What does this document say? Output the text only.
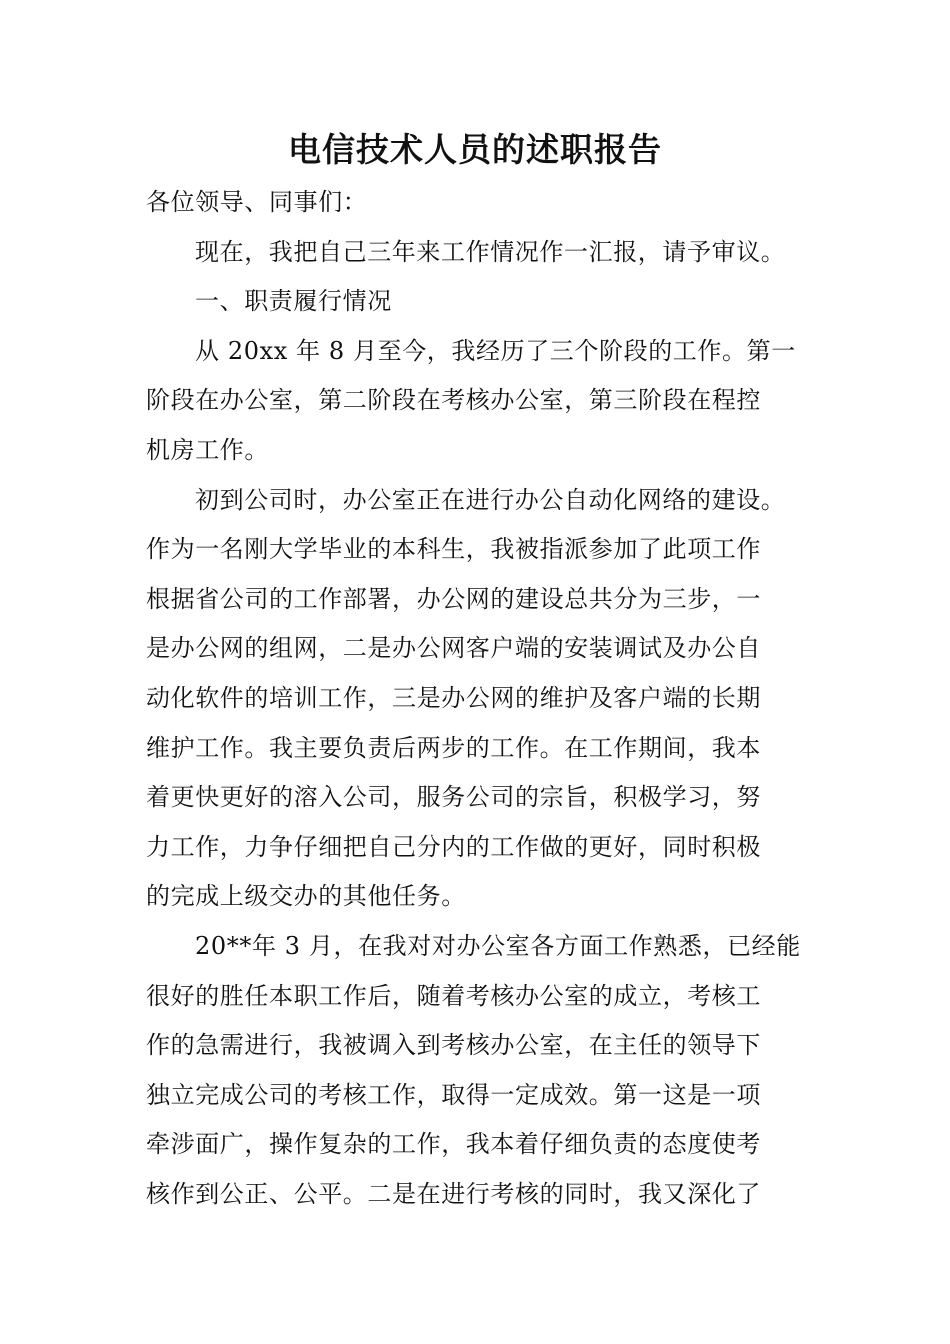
电信技术人员的述职报告
各位领导、同事们：
现在，我把自己三年来工作情况作一汇报，请予审议。
一、职责履行情况
从 20xx 年 8 月至今，我经历了三个阶段的工作。第一
阶段在办公室，第二阶段在考核办公室，第三阶段在程控
机房工作。
初到公司时，办公室正在进行办公自动化网络的建设。
作为一名刚大学毕业的本科生，我被指派参加了此项工作
根据省公司的工作部署，办公网的建设总共分为三步，一
是办公网的组网，二是办公网客户端的安装调试及办公自
动化软件的培训工作，三是办公网的维护及客户端的长期
维护工作。我主要负责后两步的工作。在工作期间，我本
着更快更好的溶入公司，服务公司的宗旨，积极学习，努
力工作，力争仔细把自己分内的工作做的更好，同时积极
的完成上级交办的其他任务。
20**年 3 月，在我对对办公室各方面工作熟悉，已经能
很好的胜任本职工作后，随着考核办公室的成立，考核工
作的急需进行，我被调入到考核办公室，在主任的领导下
独立完成公司的考核工作，取得一定成效。第一这是一项
牵涉面广，操作复杂的工作，我本着仔细负责的态度使考
核作到公正、公平。二是在进行考核的同时，我又深化了
